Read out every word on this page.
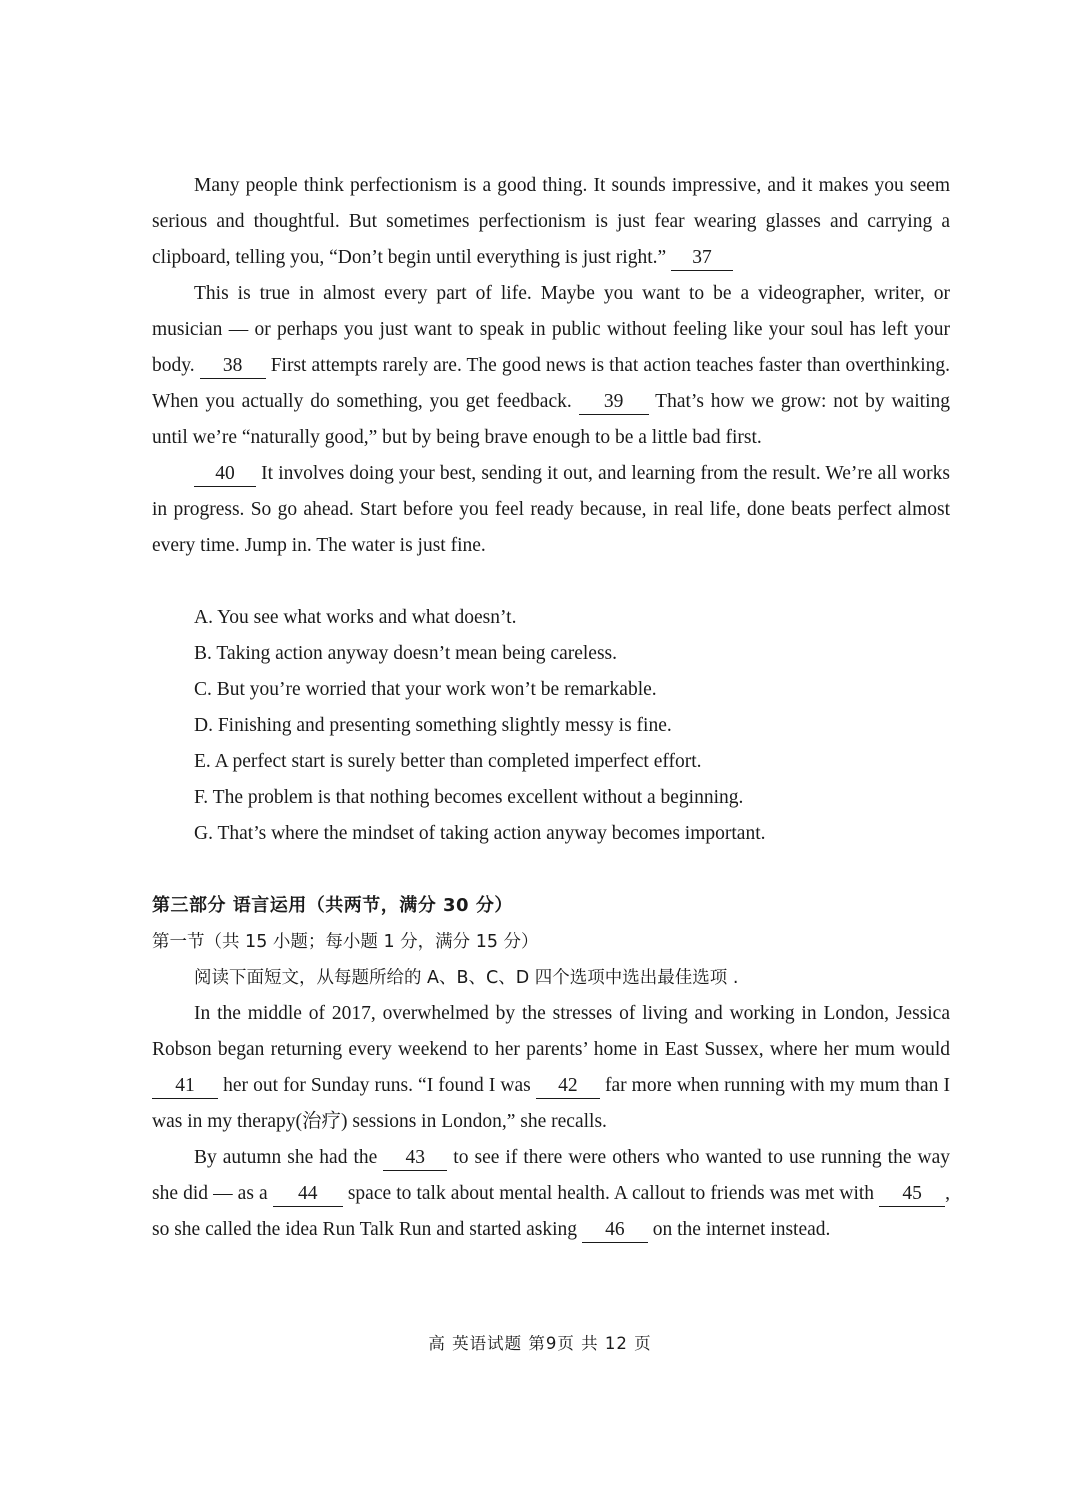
Many people think perfectionism is a good thing. It sounds impressive, and it makes you seem serious and thoughtful. But sometimes perfectionism is just fear wearing glasses and carrying a clipboard, telling you, “Don’t begin until everything is just right.” 37

This is true in almost every part of life. Maybe you want to be a videographer, writer, or musician — or perhaps you just want to speak in public without feeling like your soul has left your body. 38 First attempts rarely are. The good news is that action teaches faster than overthinking. When you actually do something, you get feedback. 39 That’s how we grow: not by waiting until we’re “naturally good,” but by being brave enough to be a little bad first.

40 It involves doing your best, sending it out, and learning from the result. We’re all works in progress. So go ahead. Start before you feel ready because, in real life, done beats perfect almost every time. Jump in. The water is just fine.

A. You see what works and what doesn’t.
B. Taking action anyway doesn’t mean being careless.
C. But you’re worried that your work won’t be remarkable.
D. Finishing and presenting something slightly messy is fine.
E. A perfect start is surely better than completed imperfect effort.
F. The problem is that nothing becomes excellent without a beginning.
G. That’s where the mindset of taking action anyway becomes important.
第三部分 语言运用（共两节，满分 30 分）
第一节（共 15 小题；每小题 1 分，满分 15 分）
阅读下面短文，从每题所给的 A、B、C、D 四个选项中选出最佳选项 .

In the middle of 2017, overwhelmed by the stresses of living and working in London, Jessica Robson began returning every weekend to her parents’ home in East Sussex, where her mum would 41 her out for Sunday runs. “I found I was 42 far more when running with my mum than I was in my therapy(治疗) sessions in London,” she recalls.

By autumn she had the 43 to see if there were others who wanted to use running the way she did — as a 44 space to talk about mental health. A callout to friends was met with 45 , so she called the idea Run Talk Run and started asking 46 on the internet instead.

高 英语试题 第9页 共 12 页
